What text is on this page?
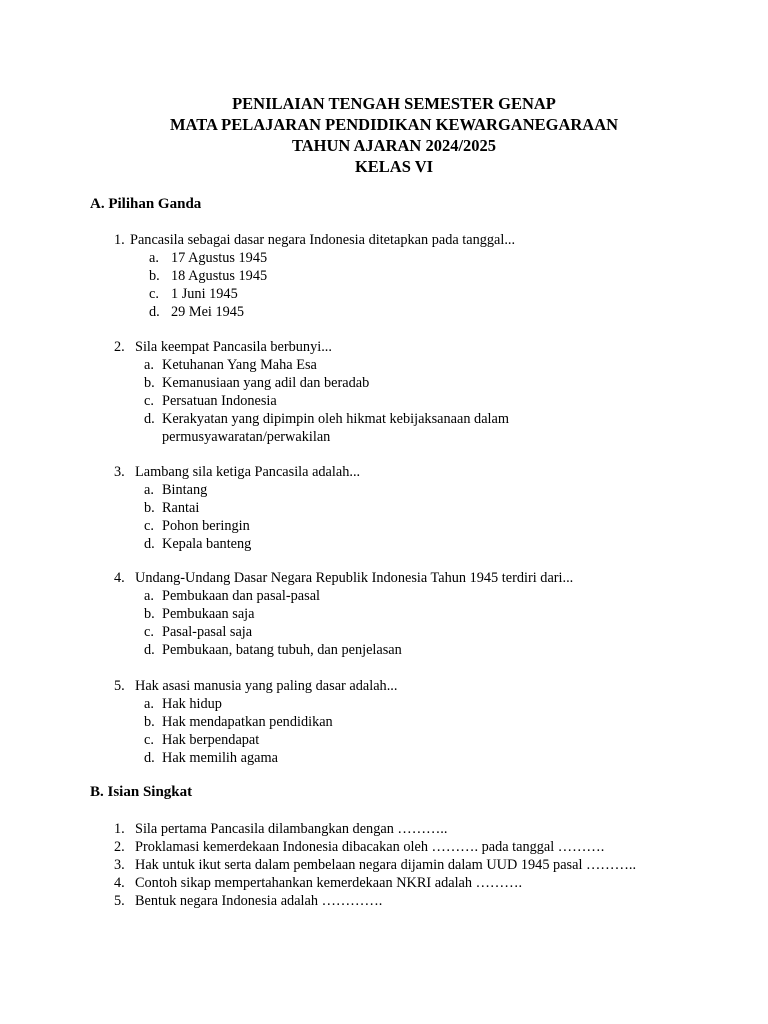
PENILAIAN TENGAH SEMESTER GENAP
MATA PELAJARAN PENDIDIKAN KEWARGANEGARAAN
TAHUN AJARAN 2024/2025
KELAS VI
A. Pilihan Ganda
1. Pancasila sebagai dasar negara Indonesia ditetapkan pada tanggal...
a. 17 Agustus 1945
b. 18 Agustus 1945
c. 1 Juni 1945
d. 29 Mei 1945
2. Sila keempat Pancasila berbunyi...
a. Ketuhanan Yang Maha Esa
b. Kemanusiaan yang adil dan beradab
c. Persatuan Indonesia
d. Kerakyatan yang dipimpin oleh hikmat kebijaksanaan dalam permusyawaratan/perwakilan
3. Lambang sila ketiga Pancasila adalah...
a. Bintang
b. Rantai
c. Pohon beringin
d. Kepala banteng
4. Undang-Undang Dasar Negara Republik Indonesia Tahun 1945 terdiri dari...
a. Pembukaan dan pasal-pasal
b. Pembukaan saja
c. Pasal-pasal saja
d. Pembukaan, batang tubuh, dan penjelasan
5. Hak asasi manusia yang paling dasar adalah...
a. Hak hidup
b. Hak mendapatkan pendidikan
c. Hak berpendapat
d. Hak memilih agama
B. Isian Singkat
1. Sila pertama Pancasila dilambangkan dengan ………..
2. Proklamasi kemerdekaan Indonesia dibacakan oleh ………. pada tanggal ……….
3. Hak untuk ikut serta dalam pembelaan negara dijamin dalam UUD 1945 pasal ………..
4. Contoh sikap mempertahankan kemerdekaan NKRI adalah ……….
5. Bentuk negara Indonesia adalah ………….
